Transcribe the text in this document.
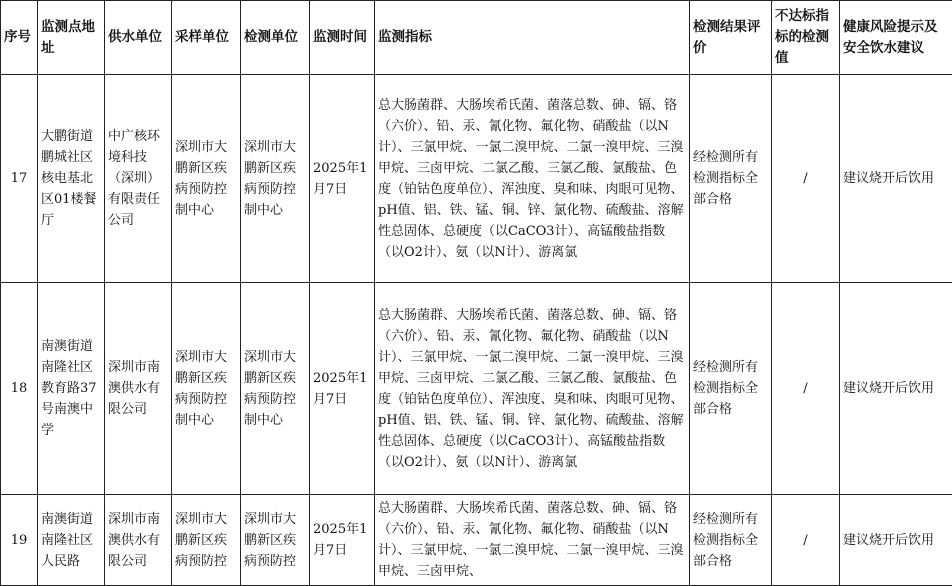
序号	监测点地址	供水单位	采样单位	检测单位	监测时间	监测指标	检测结果评价	不达标指标的检测值	健康风险提示及安全饮水建议

17	大鹏街道鹏城社区核电基北区01楼餐厅	中广核环境科技（深圳）有限责任公司	深圳市大鹏新区疾病预防控制中心	深圳市大鹏新区疾病预防控制中心	2025年1月7日	总大肠菌群、大肠埃希氏菌、菌落总数、砷、镉、铬（六价）、铅、汞、氰化物、氟化物、硝酸盐（以N计）、三氯甲烷、一氯二溴甲烷、二氯一溴甲烷、三溴甲烷、三卤甲烷、二氯乙酸、三氯乙酸、氯酸盐、色度（铂钴色度单位）、浑浊度、臭和味、肉眼可见物、pH值、铝、铁、锰、铜、锌、氯化物、硫酸盐、溶解性总固体、总硬度（以CaCO3计）、高锰酸盐指数（以O2计）、氨（以N计）、游离氯	经检测所有检测指标全部合格	/	建议烧开后饮用

18	南澳街道南隆社区教育路37号南澳中学	深圳市南澳供水有限公司	深圳市大鹏新区疾病预防控制中心	深圳市大鹏新区疾病预防控制中心	2025年1月7日	总大肠菌群、大肠埃希氏菌、菌落总数、砷、镉、铬（六价）、铅、汞、氰化物、氟化物、硝酸盐（以N计）、三氯甲烷、一氯二溴甲烷、二氯一溴甲烷、三溴甲烷、三卤甲烷、二氯乙酸、三氯乙酸、氯酸盐、色度（铂钴色度单位）、浑浊度、臭和味、肉眼可见物、pH值、铝、铁、锰、铜、锌、氯化物、硫酸盐、溶解性总固体、总硬度（以CaCO3计）、高锰酸盐指数（以O2计）、氨（以N计）、游离氯	经检测所有检测指标全部合格	/	建议烧开后饮用

19	南澳街道南隆社区人民路	深圳市南澳供水有限公司	深圳市大鹏新区疾病预防控	深圳市大鹏新区疾病预防控	2025年1月7日	总大肠菌群、大肠埃希氏菌、菌落总数、砷、镉、铬（六价）、铅、汞、氰化物、氟化物、硝酸盐（以N计）、三氯甲烷、一氯二溴甲烷、二氯一溴甲烷、三溴甲烷、三卤甲烷、	经检测所有检测指标全部合格	/	建议烧开后饮用
